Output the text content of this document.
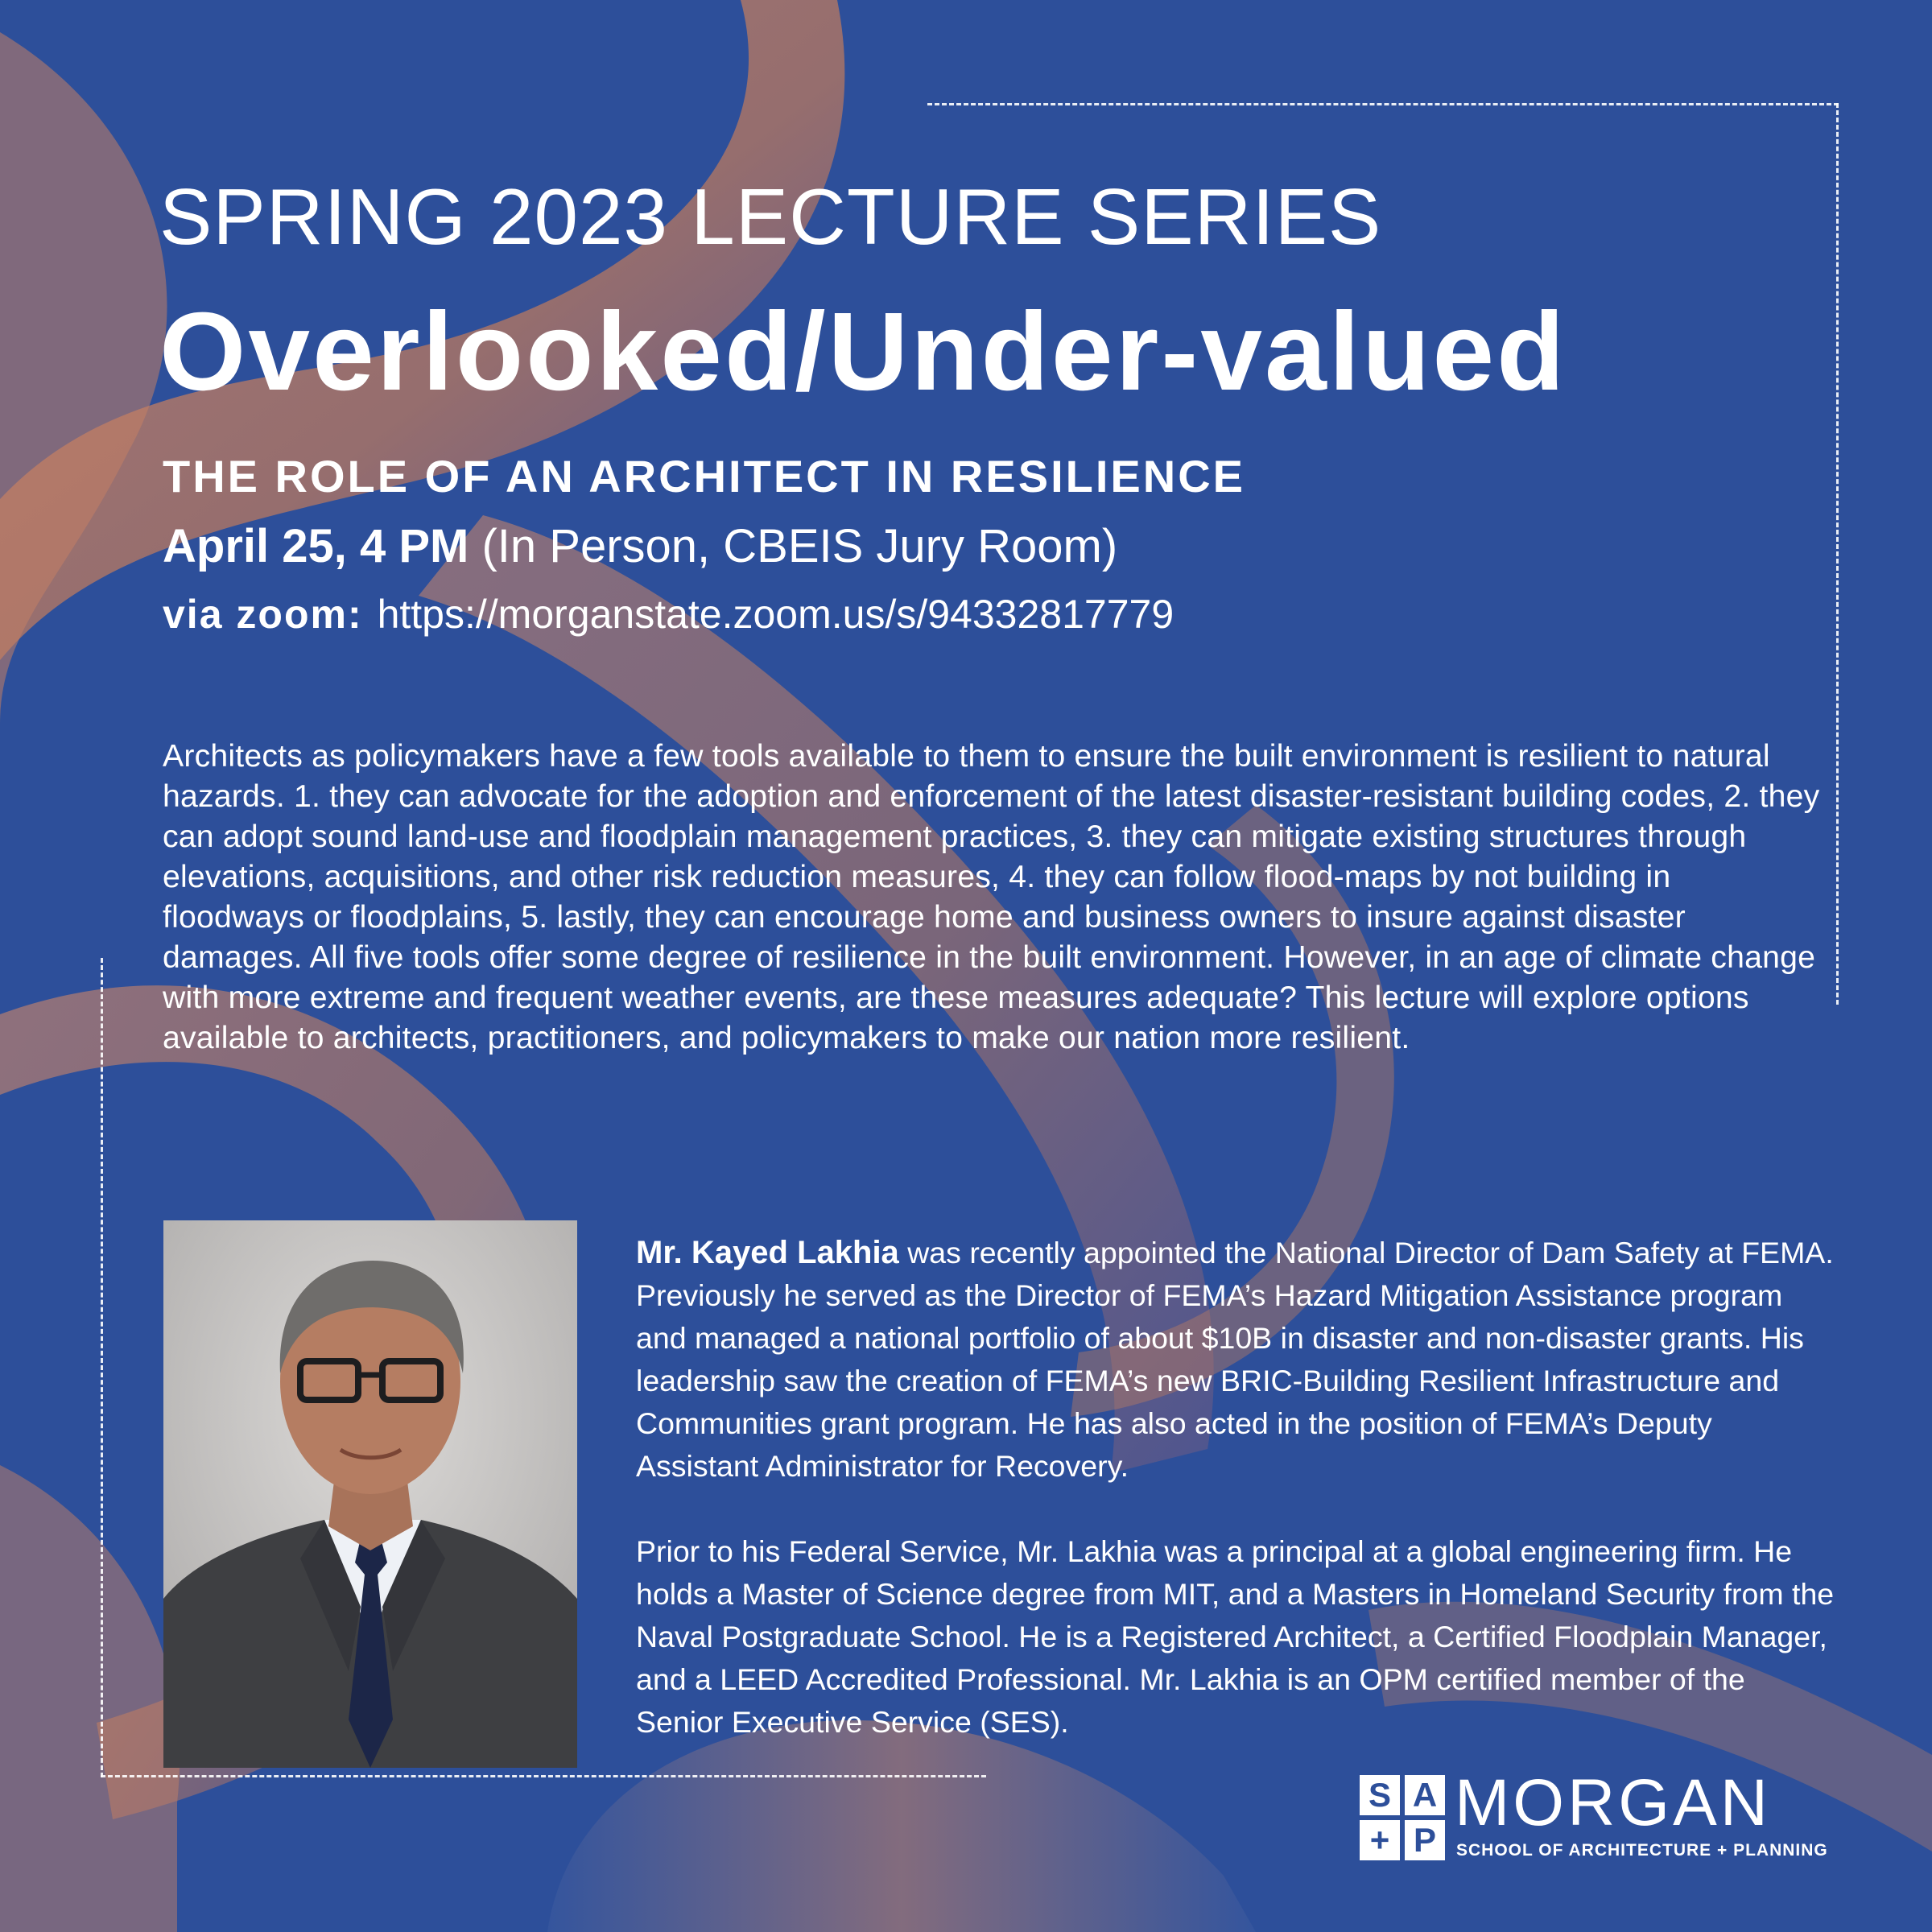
SPRING 2023 LECTURE SERIES
Overlooked/Under-valued
THE ROLE OF AN ARCHITECT IN RESILIENCE
April 25, 4 PM (In Person, CBEIS Jury Room)
via zoom: https://morganstate.zoom.us/s/94332817779
Architects as policymakers have a few tools available to them to ensure the built environment is resilient to natural hazards. 1. they can advocate for the adoption and enforcement of the latest disaster-resistant building codes, 2. they can adopt sound land-use and floodplain management practices, 3. they can mitigate existing structures through elevations, acquisitions, and other risk reduction measures, 4. they can follow flood-maps by not building in floodways or floodplains, 5. lastly, they can encourage home and business owners to insure against disaster damages. All five tools offer some degree of resilience in the built environment. However, in an age of climate change with more extreme and frequent weather events, are these measures adequate? This lecture will explore options available to architects, practitioners, and policymakers to make our nation more resilient.

Mr. Kayed Lakhia was recently appointed the National Director of Dam Safety at FEMA. Previously he served as the Director of FEMA’s Hazard Mitigation Assistance program and managed a national portfolio of about $10B in disaster and non-disaster grants. His leadership saw the creation of FEMA’s new BRIC-Building Resilient Infrastructure and Communities grant program. He has also acted in the position of FEMA’s Deputy Assistant Administrator for Recovery.

Prior to his Federal Service, Mr. Lakhia was a principal at a global engineering firm. He holds a Master of Science degree from MIT, and a Masters in Homeland Security from the Naval Postgraduate School. He is a Registered Architect, a Certified Floodplain Manager, and a LEED Accredited Professional. Mr. Lakhia is an OPM certified member of the Senior Executive Service (SES).

S A
+ P
MORGAN
SCHOOL OF ARCHITECTURE + PLANNING
